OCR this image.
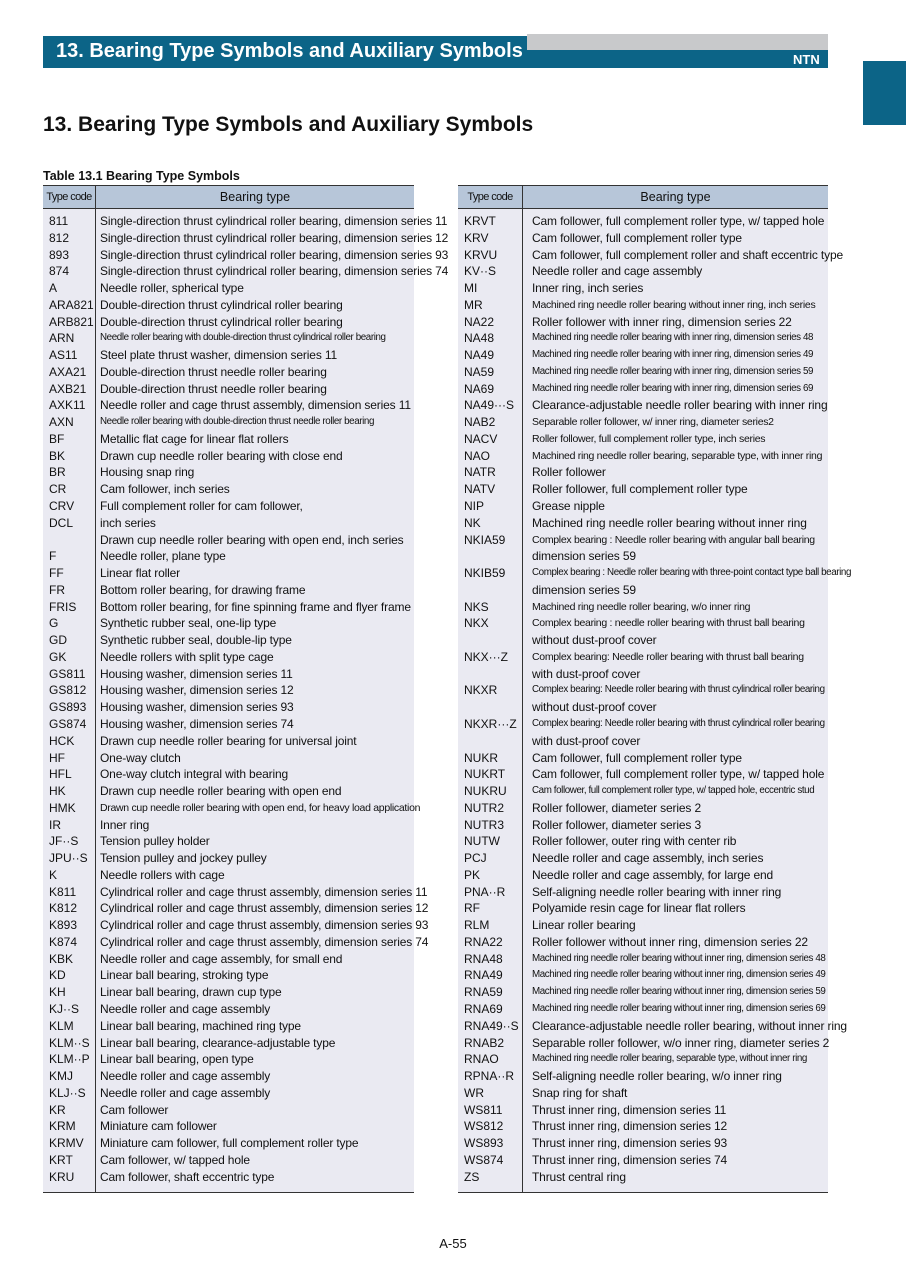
13. Bearing Type Symbols and Auxiliary Symbols	NTN
13. Bearing Type Symbols and Auxiliary Symbols
Table 13.1 Bearing Type Symbols
Type code	Bearing type
811	Single-direction thrust cylindrical roller bearing, dimension series 11
812	Single-direction thrust cylindrical roller bearing, dimension series 12
893	Single-direction thrust cylindrical roller bearing, dimension series 93
874	Single-direction thrust cylindrical roller bearing, dimension series 74
A	Needle roller, spherical type
ARA821 Double-direction thrust cylindrical roller bearing
ARB821 Double-direction thrust cylindrical roller bearing
ARN	Needle roller bearing with double-direction thrust cylindrical roller bearing
AS11 Steel plate thrust washer, dimension series 11
AXA21 Double-direction thrust needle roller bearing
AXB21 Double-direction thrust needle roller bearing
AXK11 Needle roller and cage thrust assembly, dimension series 11
AXN	Needle roller bearing with double-direction thrust needle roller bearing
BF	Metallic flat cage for linear flat rollers
BK	Drawn cup needle roller bearing with close end
BR	Housing snap ring
CR	Cam follower, inch series
CRV Full complement roller for cam follower,
DCL inch series
Drawn cup needle roller bearing with open end, inch series
F	Needle roller, plane type
FF	Linear flat roller
FR	Bottom roller bearing, for drawing frame
FRIS Bottom roller bearing, for fine spinning frame and flyer frame
G	Synthetic rubber seal, one-lip type
GD	Synthetic rubber seal, double-lip type
GK	Needle rollers with split type cage
GS811 Housing washer, dimension series 11
GS812 Housing washer, dimension series 12
GS893 Housing washer, dimension series 93
GS874 Housing washer, dimension series 74
HCK Drawn cup needle roller bearing for universal joint
HF	One-way clutch
HFL One-way clutch integral with bearing
HK	Drawn cup needle roller bearing with open end
HMK Drawn cup needle roller bearing with open end, for heavy load application
IR	Inner ring
JF··S Tension pulley holder
JPU··S Tension pulley and jockey pulley
K	Needle rollers with cage
K811 Cylindrical roller and cage thrust assembly, dimension series 11
K812 Cylindrical roller and cage thrust assembly, dimension series 12
K893 Cylindrical roller and cage thrust assembly, dimension series 93
K874 Cylindrical roller and cage thrust assembly, dimension series 74
KBK Needle roller and cage assembly, for small end
KD	Linear ball bearing, stroking type
KH	Linear ball bearing, drawn cup type
KJ··S Needle roller and cage assembly
KLM Linear ball bearing, machined ring type
KLM··S Linear ball bearing, clearance-adjustable type
KLM··P Linear ball bearing, open type
KMJ Needle roller and cage assembly
KLJ··S Needle roller and cage assembly
KR	Cam follower
KRM Miniature cam follower
KRMV Miniature cam follower, full complement roller type
KRT Cam follower, w/ tapped hole
KRU Cam follower, shaft eccentric type
Type code	Bearing type
KRVT	Cam follower, full complement roller type, w/ tapped hole
KRV	Cam follower, full complement roller type
KRVU	Cam follower, full complement roller and shaft eccentric type
KV··S	Needle roller and cage assembly
MI	Inner ring, inch series
MR	Machined ring needle roller bearing without inner ring, inch series
NA22	Roller follower with inner ring, dimension series 22
NA48	Machined ring needle roller bearing with inner ring, dimension series 48
NA49	Machined ring needle roller bearing with inner ring, dimension series 49
NA59	Machined ring needle roller bearing with inner ring, dimension series 59
NA69	Machined ring needle roller bearing with inner ring, dimension series 69
NA49···S Clearance-adjustable needle roller bearing with inner ring
NAB2	Separable roller follower, w/ inner ring, diameter series2
NACV	Roller follower, full complement roller type, inch series
NAO	Machined ring needle roller bearing, separable type, with inner ring
NATR	Roller follower
NATV	Roller follower, full complement roller type
NIP	Grease nipple
NK	Machined ring needle roller bearing without inner ring
NKIA59	Complex bearing : Needle roller bearing with angular ball bearing
dimension series 59
NKIB59	Complex bearing : Needle roller bearing with three-point contact type ball bearing
dimension series 59
NKS	Machined ring needle roller bearing, w/o inner ring
NKX	Complex bearing : needle roller bearing with thrust ball bearing
without dust-proof cover
NKX···Z Complex bearing: Needle roller bearing with thrust ball bearing
with dust-proof cover
NKXR	Complex bearing: Needle roller bearing with thrust cylindrical roller bearing
without dust-proof cover
NKXR···Z Complex bearing: Needle roller bearing with thrust cylindrical roller bearing
with dust-proof cover
NUKR	Cam follower, full complement roller type
NUKRT Cam follower, full complement roller type, w/ tapped hole
NUKRU	Cam follower, full complement roller type, w/ tapped hole, eccentric stud
NUTR2 Roller follower, diameter series 2
NUTR3 Roller follower, diameter series 3
NUTW	Roller follower, outer ring with center rib
PCJ	Needle roller and cage assembly, inch series
PK	Needle roller and cage assembly, for large end
PNA··R Self-aligning needle roller bearing with inner ring
RF	Polyamide resin cage for linear flat rollers
RLM	Linear roller bearing
RNA22 Roller follower without inner ring, dimension series 22
RNA48	Machined ring needle roller bearing without inner ring, dimension series 48
RNA49	Machined ring needle roller bearing without inner ring, dimension series 49
RNA59	Machined ring needle roller bearing without inner ring, dimension series 59
RNA69	Machined ring needle roller bearing without inner ring, dimension series 69
RNA49··S Clearance-adjustable needle roller bearing, without inner ring
RNAB2 Separable roller follower, w/o inner ring, diameter series 2
RNAO	Machined ring needle roller bearing, separable type, without inner ring
RPNA··R Self-aligning needle roller bearing, w/o inner ring
WR	Snap ring for shaft
WS811 Thrust inner ring, dimension series 11
WS812 Thrust inner ring, dimension series 12
WS893 Thrust inner ring, dimension series 93
WS874 Thrust inner ring, dimension series 74
ZS	Thrust central ring
A-55
